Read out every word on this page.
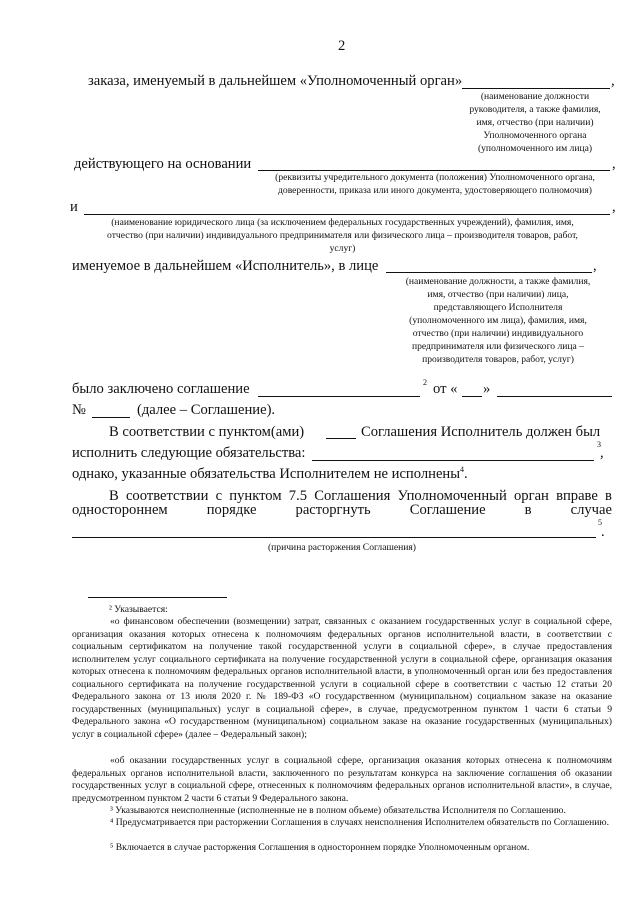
2
заказа, именуемый в дальнейшем «Уполномоченный орган»	,
(наименование должности
руководителя, а также фамилия,
имя, отчество (при наличии)
Уполномоченного органа
(уполномоченного им лица)
действующего на основании	,
(реквизиты учредительного документа (положения) Уполномоченного органа,
доверенности, приказа или иного документа, удостоверяющего полномочия)
и	,
(наименование юридического лица (за исключением федеральных государственных учреждений), фамилия, имя,
отчество (при наличии) индивидуального предпринимателя или физического лица – производителя товаров, работ,
услуг)
именуемое в дальнейшем «Исполнитель», в лице	,
(наименование должности, а также фамилия,
имя, отчество (при наличии) лица,
представляющего Исполнителя
(уполномоченного им лица), фамилия, имя,
отчество (при наличии) индивидуального
предпринимателя или физического лица –
производителя товаров, работ, услуг)
было заключено соглашение	2 от « »
№	(далее – Соглашение).
В соответствии с пунктом(ами)	Соглашения Исполнитель должен был
исполнить следующие обязательства:
3
,
однако, указанные обязательства Исполнителем не исполнены$^4$.
В соответствии с пунктом 7.5 Соглашения Уполномоченный орган вправе в
одностороннем	порядке	расторгнуть	Соглашение	в	случае
5
.
(причина расторжения Соглашения)
² Указывается:
«о финансовом обеспечении (возмещении) затрат, связанных с оказанием государственных услуг в социальной сфере, организация оказания которых отнесена к полномочиям федеральных органов исполнительной власти, в соответствии с социальным сертификатом на получение такой государственной услуги в социальной сфере», в случае предоставления исполнителем услуг социального сертификата на получение государственной услуги в социальной сфере, организация оказания которых отнесена к полномочиям федеральных органов исполнительной власти, в уполномоченный орган или без предоставления социального сертификата на получение государственной услуги в социальной сфере в соответствии с частью 12 статьи 20 Федерального закона от 13 июля 2020 г. № 189-ФЗ «О государственном (муниципальном) социальном заказе на оказание государственных (муниципальных) услуг в социальной сфере», в случае, предусмотренном пунктом 1 части 6 статьи 9 Федерального закона «О государственном (муниципальном) социальном заказе на оказание государственных (муниципальных) услуг в социальной сфере» (далее – Федеральный закон);
«об оказании государственных услуг в социальной сфере, организация оказания которых отнесена к полномочиям федеральных органов исполнительной власти, заключенного по результатам конкурса на заключение соглашения об оказании государственных услуг в социальной сфере, отнесенных к полномочиям федеральных органов исполнительной власти», в случае, предусмотренном пунктом 2 части 6 статьи 9 Федерального закона.
³ Указываются неисполненные (исполненные не в полном объеме) обязательства Исполнителя по Соглашению.
⁴ Предусматривается при расторжении Соглашения в случаях неисполнения Исполнителем обязательств по Соглашению.
⁵ Включается в случае расторжения Соглашения в одностороннем порядке Уполномоченным органом.
